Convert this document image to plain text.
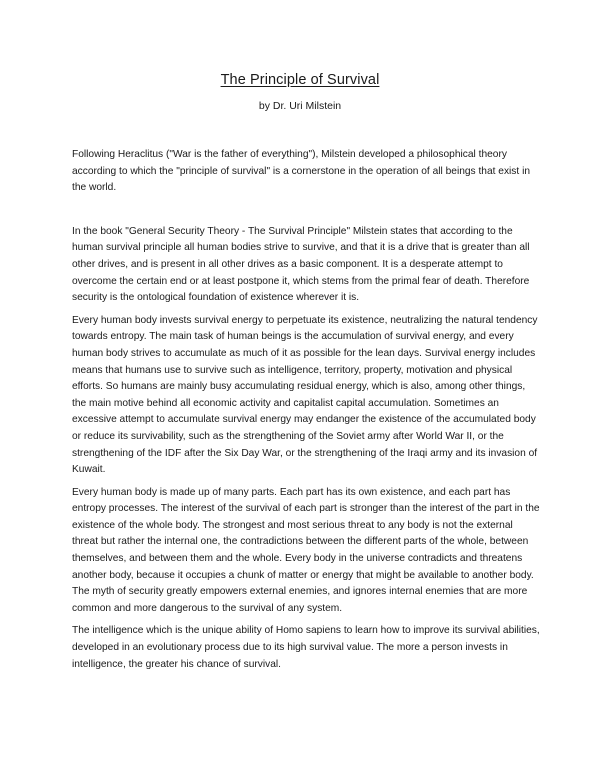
The Principle of Survival
by Dr. Uri Milstein

Following Heraclitus ("War is the father of everything"), Milstein developed a philosophical theory according to which the "principle of survival" is a cornerstone in the operation of all beings that exist in the world.

In the book "General Security Theory - The Survival Principle" Milstein states that according to the human survival principle all human bodies strive to survive, and that it is a drive that is greater than all other drives, and is present in all other drives as a basic component. It is a desperate attempt to overcome the certain end or at least postpone it, which stems from the primal fear of death. Therefore security is the ontological foundation of existence wherever it is.

Every human body invests survival energy to perpetuate its existence, neutralizing the natural tendency towards entropy. The main task of human beings is the accumulation of survival energy, and every human body strives to accumulate as much of it as possible for the lean days. Survival energy includes means that humans use to survive such as intelligence, territory, property, motivation and physical efforts. So humans are mainly busy accumulating residual energy, which is also, among other things, the main motive behind all economic activity and capitalist capital accumulation. Sometimes an excessive attempt to accumulate survival energy may endanger the existence of the accumulated body or reduce its survivability, such as the strengthening of the Soviet army after World War II, or the strengthening of the IDF after the Six Day War, or the strengthening of the Iraqi army and its invasion of Kuwait.

Every human body is made up of many parts. Each part has its own existence, and each part has entropy processes. The interest of the survival of each part is stronger than the interest of the part in the existence of the whole body. The strongest and most serious threat to any body is not the external threat but rather the internal one, the contradictions between the different parts of the whole, between themselves, and between them and the whole. Every body in the universe contradicts and threatens another body, because it occupies a chunk of matter or energy that might be available to another body. The myth of security greatly empowers external enemies, and ignores internal enemies that are more common and more dangerous to the survival of any system.

The intelligence which is the unique ability of Homo sapiens to learn how to improve its survival abilities, developed in an evolutionary process due to its high survival value. The more a person invests in intelligence, the greater his chance of survival.
